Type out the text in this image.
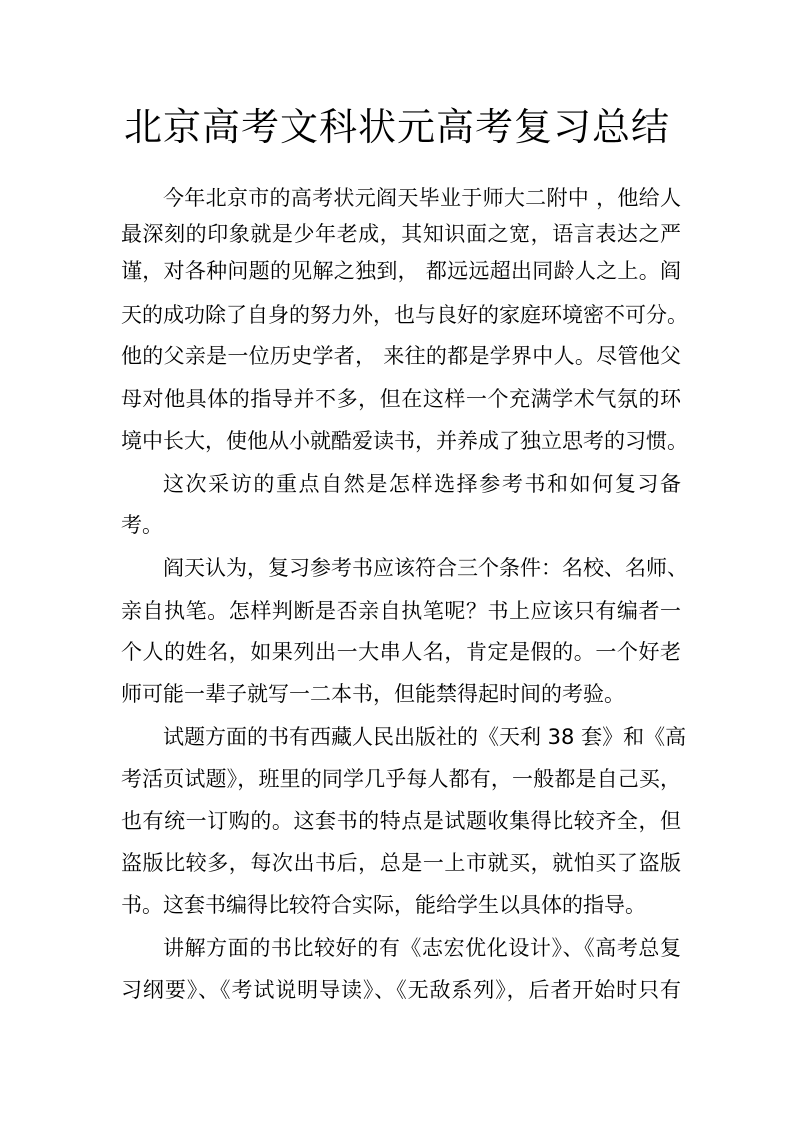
北京高考文科状元高考复习总结
今年北京市的高考状元阎天毕业于师大二附中 ，他给人
最深刻的印象就是少年老成，其知识面之宽，语言表达之严
谨，对各种问题的见解之独到， 都远远超出同龄人之上。阎
天的成功除了自身的努力外，也与良好的家庭环境密不可分。
他的父亲是一位历史学者， 来往的都是学界中人。尽管他父
母对他具体的指导并不多，但在这样一个充满学术气氛的环
境中长大，使他从小就酷爱读书，并养成了独立思考的习惯。
这次采访的重点自然是怎样选择参考书和如何复习备
考。
阎天认为，复习参考书应该符合三个条件：名校、名师、
亲自执笔。怎样判断是否亲自执笔呢？书上应该只有编者一
个人的姓名，如果列出一大串人名，肯定是假的。一个好老
师可能一辈子就写一二本书，但能禁得起时间的考验。
试题方面的书有西藏人民出版社的《天利 38 套》和《高
考活页试题》，班里的同学几乎每人都有，一般都是自己买，
也有统一订购的。这套书的特点是试题收集得比较齐全，但
盗版比较多，每次出书后，总是一上市就买，就怕买了盗版
书。这套书编得比较符合实际，能给学生以具体的指导。
讲解方面的书比较好的有《志宏优化设计》、《高考总复
习纲要》、《考试说明导读》、《无敌系列》，后者开始时只有
